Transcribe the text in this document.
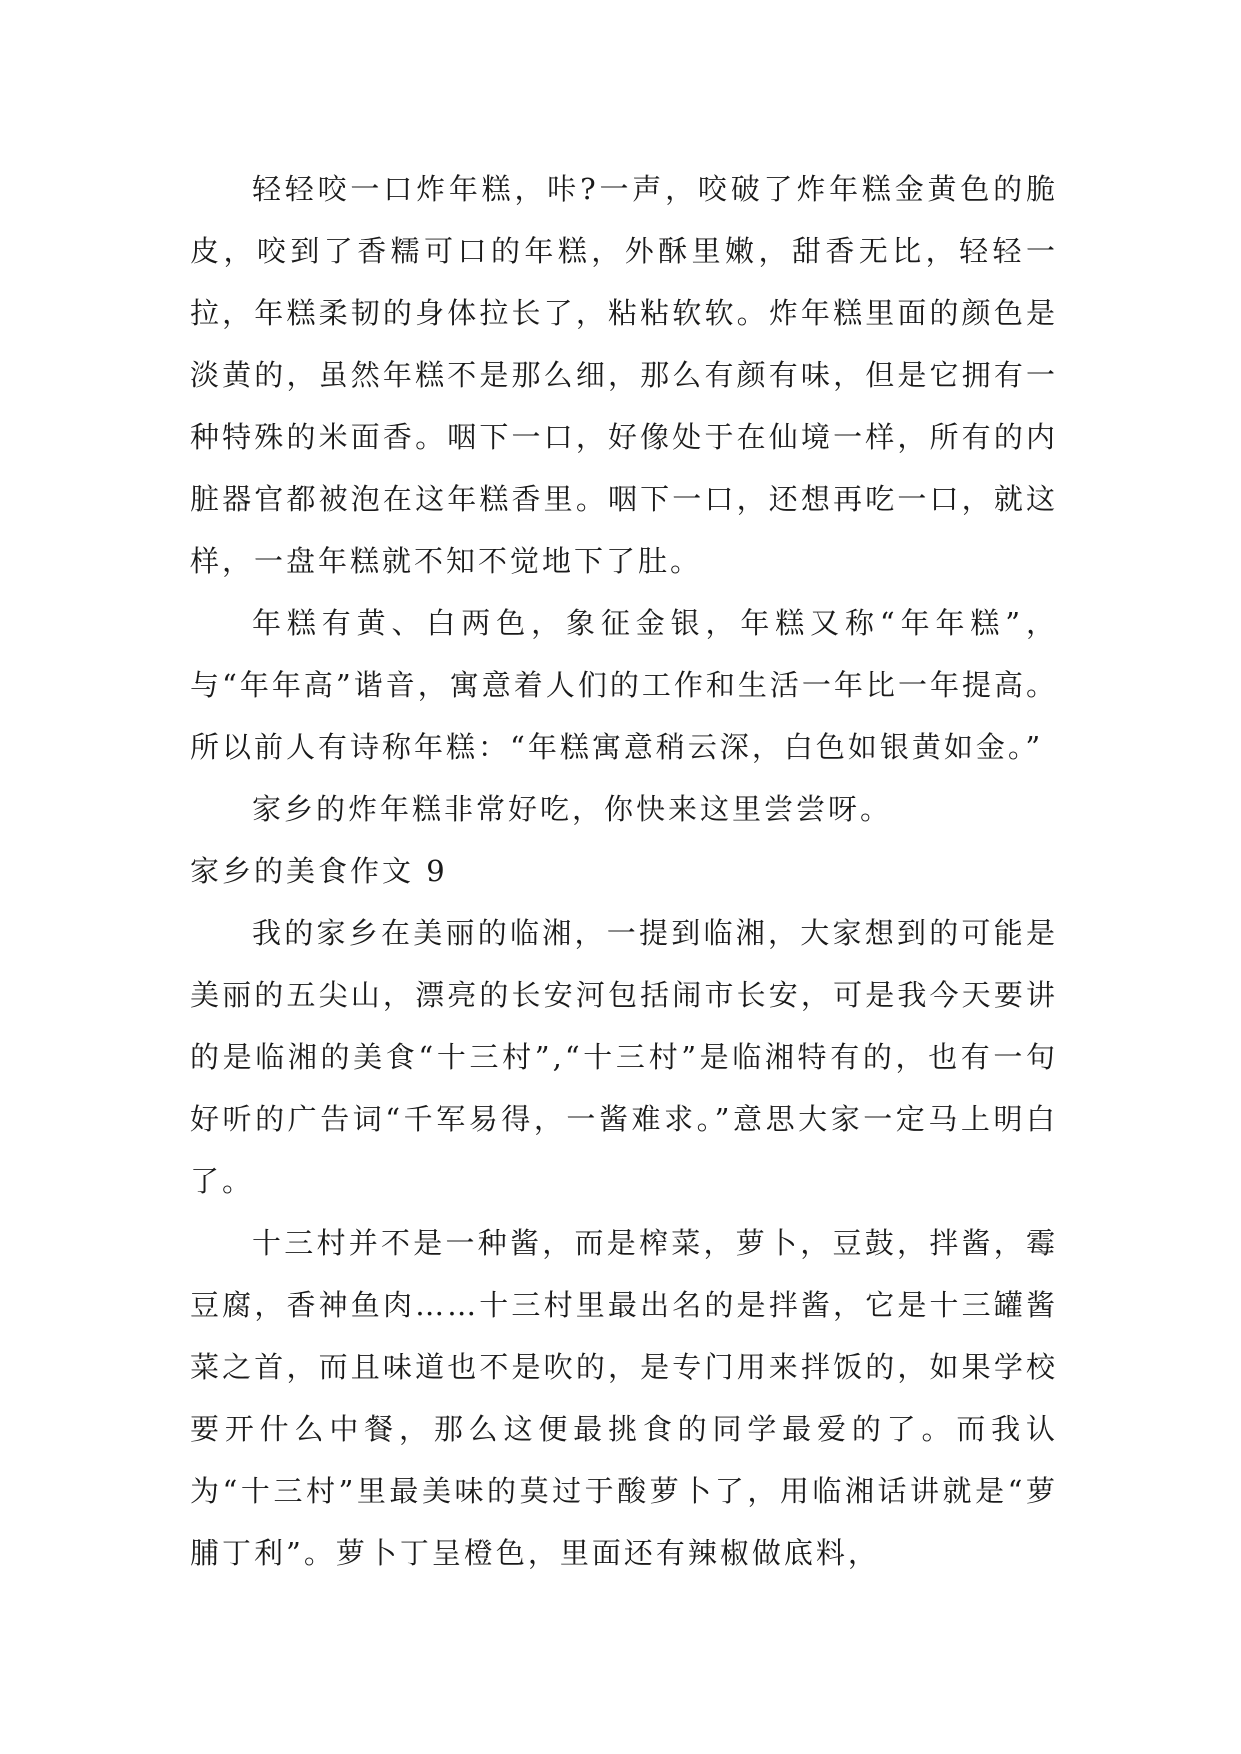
轻轻咬一口炸年糕，咔?一声，咬破了炸年糕金黄色的脆皮，咬到了香糯可口的年糕，外酥里嫩，甜香无比，轻轻一拉，年糕柔韧的身体拉长了，粘粘软软。炸年糕里面的颜色是淡黄的，虽然年糕不是那么细，那么有颜有味，但是它拥有一种特殊的米面香。咽下一口，好像处于在仙境一样，所有的内脏器官都被泡在这年糕香里。咽下一口，还想再吃一口，就这样，一盘年糕就不知不觉地下了肚。

年糕有黄、白两色，象征金银，年糕又称“年年糕”，与“年年高”谐音，寓意着人们的工作和生活一年比一年提高。所以前人有诗称年糕：“年糕寓意稍云深，白色如银黄如金。”

家乡的炸年糕非常好吃，你快来这里尝尝呀。

家乡的美食作文 9

我的家乡在美丽的临湘，一提到临湘，大家想到的可能是美丽的五尖山，漂亮的长安河包括闹市长安，可是我今天要讲的是临湘的美食“十三村”,“十三村”是临湘特有的，也有一句好听的广告词“千军易得，一酱难求。”意思大家一定马上明白了。

十三村并不是一种酱，而是榨菜，萝卜，豆鼓，拌酱，霉豆腐，香神鱼肉……十三村里最出名的是拌酱，它是十三罐酱菜之首，而且味道也不是吹的，是专门用来拌饭的，如果学校要开什么中餐，那么这便最挑食的同学最爱的了。而我认为“十三村”里最美味的莫过于酸萝卜了，用临湘话讲就是“萝脯丁利”。萝卜丁呈橙色，里面还有辣椒做底料，
